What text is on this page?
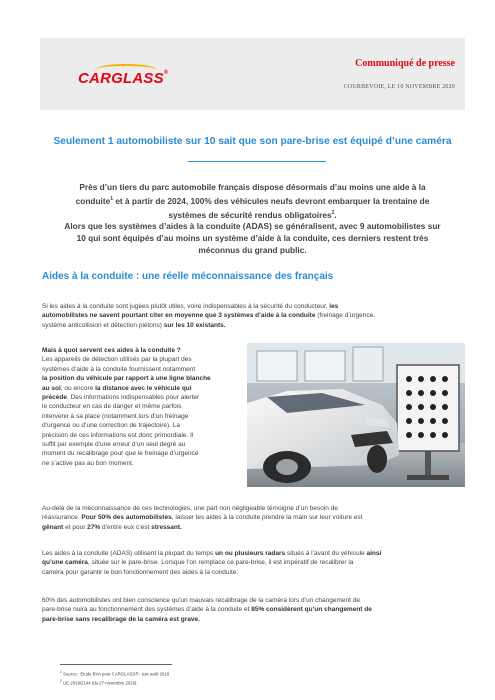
CARGLASS®
Communiqué de presse
COURBEVOIE, LE 10 NOVEMBRE 2020
Seulement 1 automobiliste sur 10 sait que son pare-brise est équipé d’une caméra
Près d’un tiers du parc automobile français dispose désormais d’au moins une aide à la
conduite$^1$ et à partir de 2024, 100% des véhicules neufs devront embarquer la trentaine de
systèmes de sécurité rendus obligatoires$^2$.
Alors que les systèmes d’aides à la conduite (ADAS) se généralisent, avec 9 automobilistes sur
10 qui sont équipés d’au moins un système d’aide à la conduite, ces derniers restent très
méconnus du grand public.
Aides à la conduite : une réelle méconnaissance des français
Si les aides à la conduite sont jugées plutôt utiles, voire indispensables à la sécurité du conducteur, les
automobilistes ne savent pourtant citer en moyenne que 3 systèmes d’aide à la conduite (freinage d’urgence,
système anticollision et détection piétons) sur les 10 existants.
Mais à quoi servent ces aides à la conduite ?
Les appareils de détection utilisés par la plupart des
systèmes d’aide à la conduite fournissent notamment
la position du véhicule par rapport à une ligne blanche
au sol, ou encore la distance avec le véhicule qui
précède. Des informations indispensables pour alerter
le conducteur en cas de danger et même parfois
intervenir à sa place (notamment lors d’un freinage
d’urgence ou d’une correction de trajectoire). La
précision de ces informations est donc primordiale. Il
suffit par exemple d’une erreur d’un seul degré au
moment du recalibrage pour que le freinage d’urgence
ne s’active pas au bon moment.
Au-delà de la méconnaissance de ces technologies, une part non négligeable témoigne d’un besoin de
réassurance. Pour 50% des automobilistes, laisser les aides à la conduite prendre la main sur leur voiture est
gênant et pour 27% d’entre eux c’est stressant.
Les aides à la conduite (ADAS) utilisent la plupart du temps un ou plusieurs radars situés à l’avant du véhicule ainsi
qu’une caméra, située sur le pare-brise. Lorsque l’on remplace ce pare-brise, il est impératif de recalibrer la
caméra pour garantir le bon fonctionnement des aides à la conduite.
60% des automobilistes ont bien conscience qu’un mauvais recalibrage de la caméra lors d’un changement de
pare-brise nuira au fonctionnement des systèmes d’aide à la conduite et 85% considèrent qu’un changement de
pare-brise sans recalibrage de la caméra est grave.
$^1$ Source : Etude BVA pour CARGLASS® - juin août 2018
$^2$ UE 2019/2144 (du 27 novembre 2019)
